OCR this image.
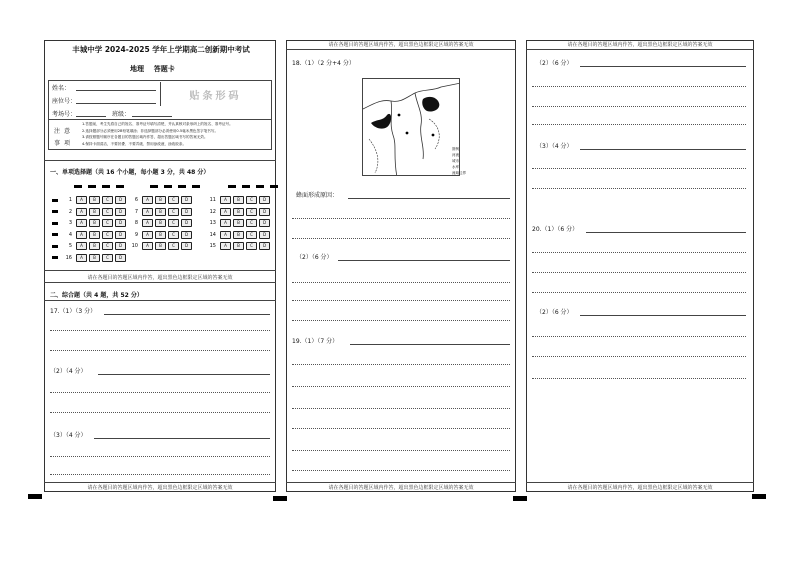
丰城中学 2024-2025 学年上学期高二创新期中考试
地理 答题卡
姓名：
座位号：
考场号：	班级：
贴条形码
注意
事项
1.答题前，考生先将自己的姓名、准考证号填写清楚，并认真核对条形码上的姓名、准考证号。
2.选择题部分必须使用2B铅笔填涂；非选择题部分必须使用0.5毫米黑色签字笔书写。
3.请按照题号顺序在各题目的答题区域内作答，超出答题区域书写的答案无效。
4.保持卡面清洁，不要折叠、不要弄破、禁用涂改液，涂改胶条。
一、单项选择题（共 16 个小题，每小题 3 分，共 48 分）
1	A	B	C	D
2	A	B	C	D
3	A	B	C	D
4	A	B	C	D
5	A	B	C	D
16	A	B	C	D
6	A	B	C	D
7	A	B	C	D
8	A	B	C	D
9	A	B	C	D
10	A	B	C	D
11	A	B	C	D
12	A	B	C	D
13	A	B	C	D
14	A	B	C	D
15	A	B	C	D
请在各题目的答题区域内作答，超出黑色边框限定区域的答案无效
二、综合题（共 4 题，共 52 分）
17.（1）（3 分）
（2）（4 分）
（3）（4 分）
请在各题目的答题区域内作答，超出黑色边框限定区域的答案无效
请在各题目的答题区域内作答，超出黑色边框限定区域的答案无效
18.（1）（2 分+4 分）
图例
河流
城市
水库
流域边界
蜂面形成原因：
（2）（6 分）
19.（1）（7 分）
请在各题目的答题区域内作答，超出黑色边框限定区域的答案无效
请在各题目的答题区域内作答，超出黑色边框限定区域的答案无效
（2）（6 分）
（3）（4 分）
20.（1）（6 分）
（2）（6 分）
请在各题目的答题区域内作答，超出黑色边框限定区域的答案无效
